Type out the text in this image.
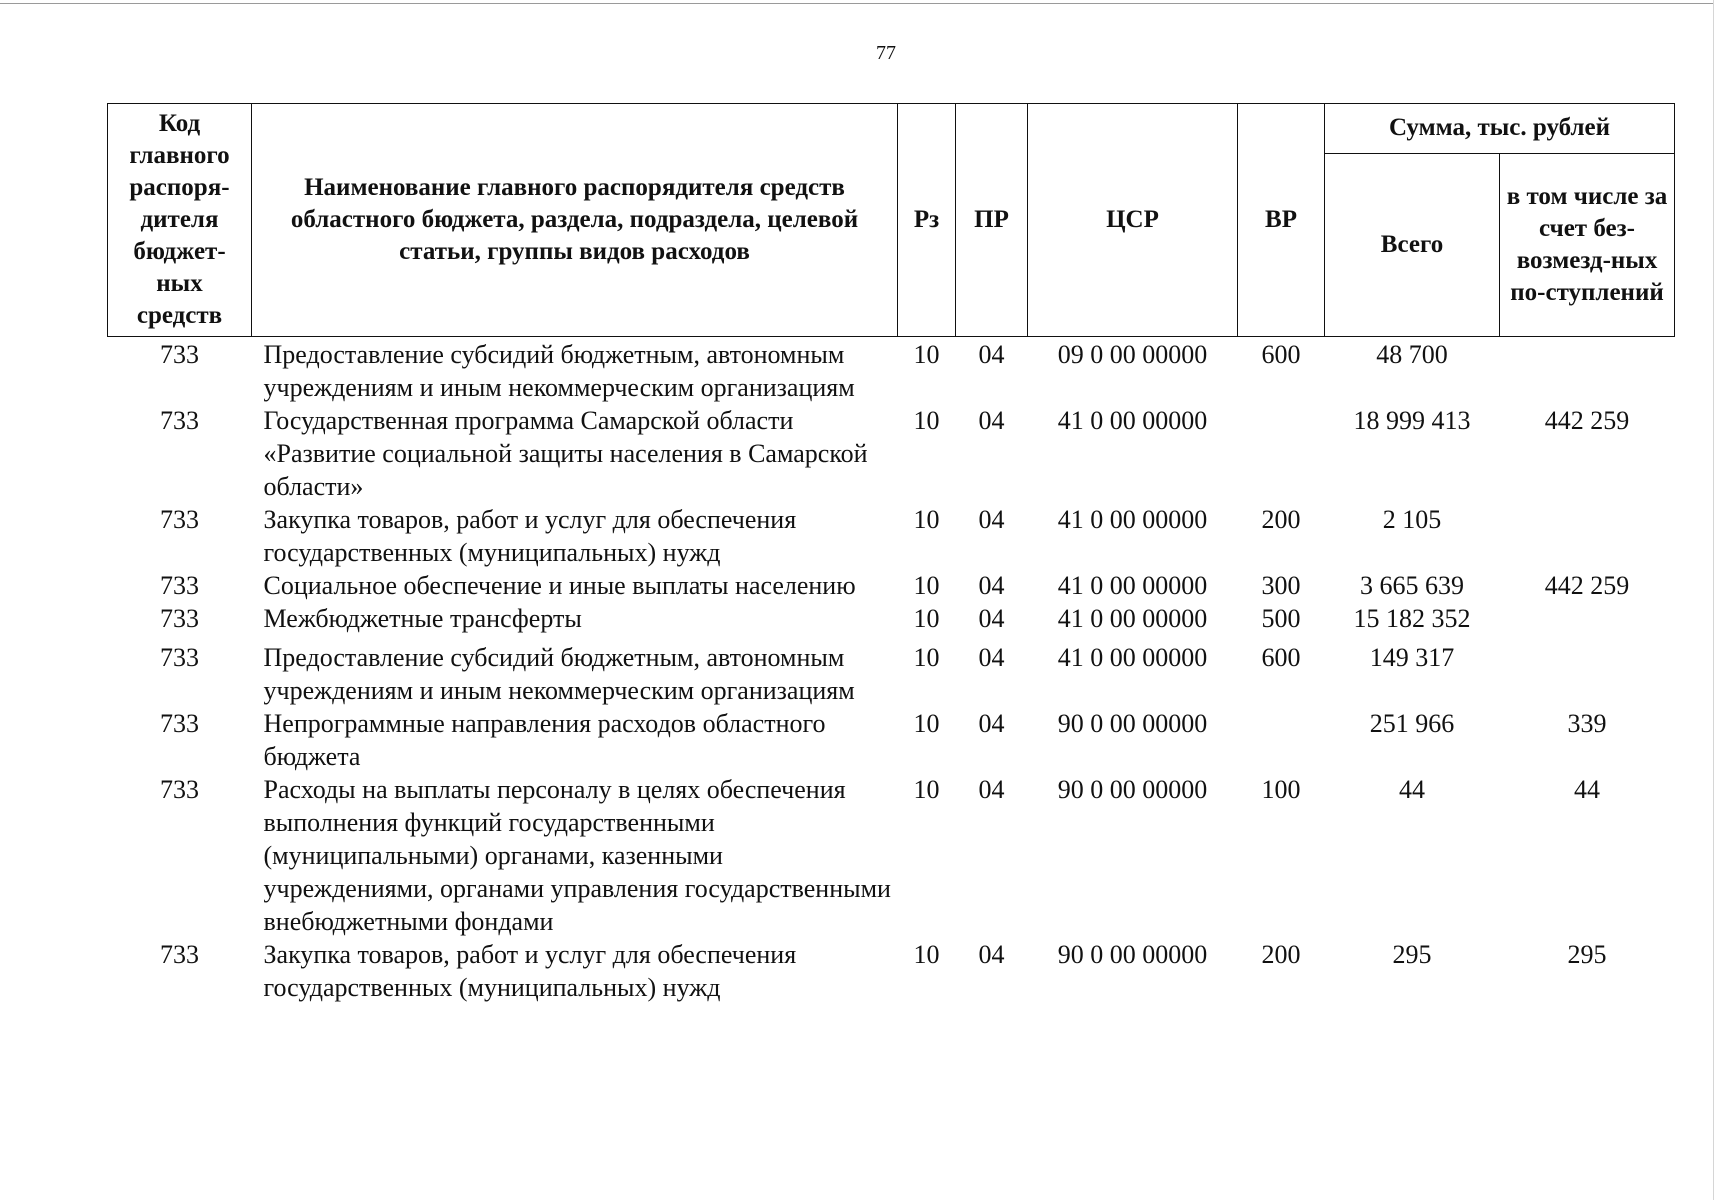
77
Код главного распоря-дителя бюджет-ных средств	Наименование главного распорядителя средств областного бюджета, раздела, подраздела, целевой статьи, группы видов расходов	Рз	ПР	ЦСР	ВР	Сумма, тыс. рублей	
						Всего	в том числе за счет без-возмезд-ных по-ступлений
733	Предоставление субсидий бюджетным, автономным учреждениям и иным некоммерческим организациям	10	04	09 0 00 00000	600	48 700	
733	Государственная программа Самарской области «Развитие социальной защиты населения в Самарской области»	10	04	41 0 00 00000		18 999 413	442 259
733	Закупка товаров, работ и услуг для обеспечения государственных (муниципальных) нужд	10	04	41 0 00 00000	200	2 105	
733	Социальное обеспечение и иные выплаты населению	10	04	41 0 00 00000	300	3 665 639	442 259
733	Межбюджетные трансферты	10	04	41 0 00 00000	500	15 182 352	
733	Предоставление субсидий бюджетным, автономным учреждениям и иным некоммерческим организациям	10	04	41 0 00 00000	600	149 317	
733	Непрограммные направления расходов областного бюджета	10	04	90 0 00 00000		251 966	339
733	Расходы на выплаты персоналу в целях обеспечения выполнения функций государственными (муниципальными) органами, казенными учреждениями, органами управления государственными внебюджетными фондами	10	04	90 0 00 00000	100	44	44
733	Закупка товаров, работ и услуг для обеспечения государственных (муниципальных) нужд	10	04	90 0 00 00000	200	295	295
